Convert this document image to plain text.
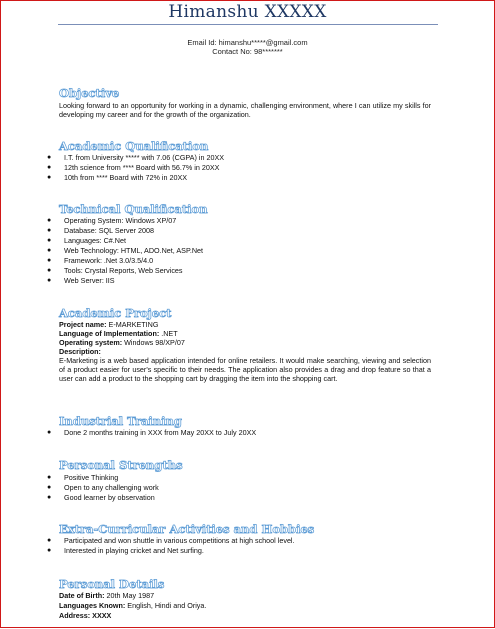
Himanshu XXXXX
Email Id: himanshu*****@gmail.com
Contact No: 98*******
Objective
Looking forward to an opportunity for working in a dynamic, challenging environment, where I can utilize my skills for developing my career and for the growth of the organization.
Academic Qualification
● I.T. from University ***** with 7.06 (CGPA) in 20XX
● 12th science from **** Board with 56.7% in 20XX
● 10th from **** Board with 72% in 20XX
Technical Qualification
● Operating System: Windows XP/07
● Database: SQL Server 2008
● Languages: C#.Net
● Web Technology: HTML, ADO.Net, ASP.Net
● Framework: .Net 3.0/3.5/4.0
● Tools: Crystal Reports, Web Services
● Web Server: IIS
Academic Project
Project name: E-MARKETING
Language of Implementation: .NET
Operating system: Windows 98/XP/07
Description:
E-Marketing is a web based application intended for online retailers. It would make searching, viewing and selection of a product easier for user's specific to their needs. The application also provides a drag and drop feature so that a user can add a product to the shopping cart by dragging the item into the shopping cart.
Industrial Training
● Done 2 months training in XXX from May 20XX to July 20XX
Personal Strengths
● Positive Thinking
● Open to any challenging work
● Good learner by observation
Extra-Curricular Activities and Hobbies
● Participated and won shuttle in various competitions at high school level.
● Interested in playing cricket and Net surfing.
Personal Details
Date of Birth: 20th May 1987
Languages Known: English, Hindi and Oriya.
Address: XXXX
